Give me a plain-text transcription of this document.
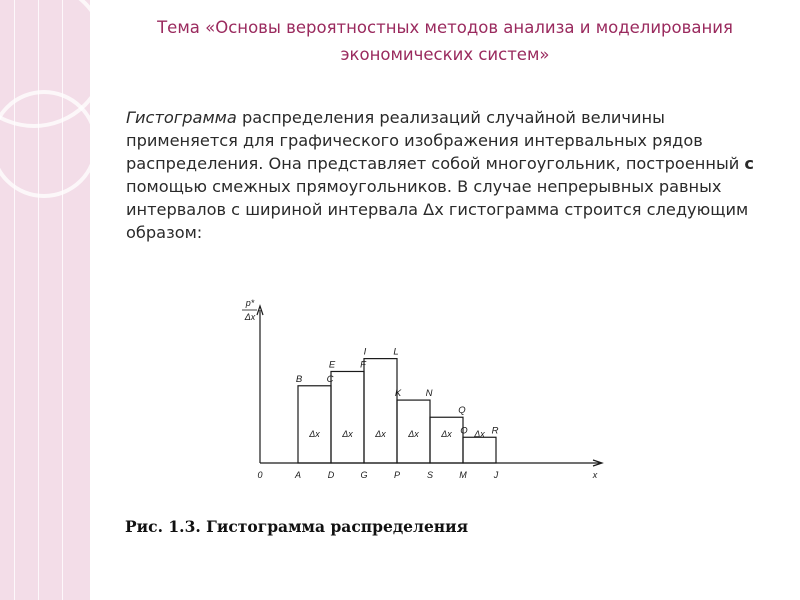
Тема «Основы вероятностных методов анализа и моделирования экономических систем»
Гистограмма распределения реализаций случайной величины применяется для графического изображения интервальных рядов распределения. Она представляет собой многоугольник, построенный с помощью смежных прямоугольников. В случае непрерывных равных интервалов с шириной интервала Δx гистограмма строится следующим образом:
p*
Δx
0	x
B	C
Δx
E	F
Δx
I	L
Δx
K	N
Δx
Q
Δx O	R
Δx
A	D	G	P	S	M	J
Рис. 1.3. Гистограмма распределения
